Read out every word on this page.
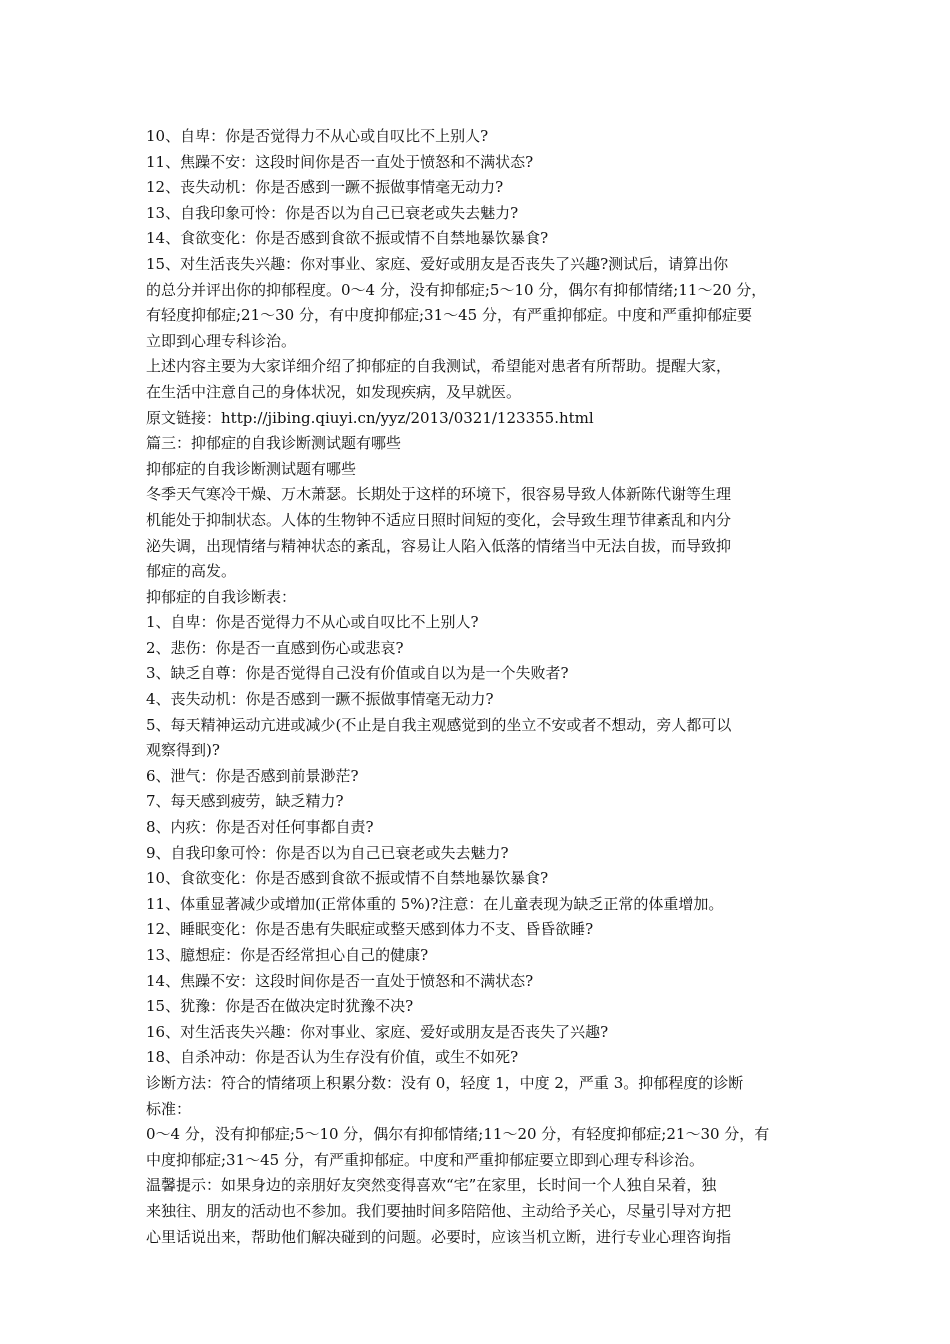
10、自卑：你是否觉得力不从心或自叹比不上别人?
11、焦躁不安：这段时间你是否一直处于愤怒和不满状态?
12、丧失动机：你是否感到一蹶不振做事情毫无动力?
13、自我印象可怜：你是否以为自己已衰老或失去魅力?
14、食欲变化：你是否感到食欲不振或情不自禁地暴饮暴食?
15、对生活丧失兴趣：你对事业、家庭、爱好或朋友是否丧失了兴趣?测试后，请算出你
的总分并评出你的抑郁程度。0～4 分，没有抑郁症;5～10 分，偶尔有抑郁情绪;11～20 分，
有轻度抑郁症;21～30 分，有中度抑郁症;31～45 分，有严重抑郁症。中度和严重抑郁症要
立即到心理专科诊治。
上述内容主要为大家详细介绍了抑郁症的自我测试，希望能对患者有所帮助。提醒大家，
在生活中注意自己的身体状况，如发现疾病，及早就医。
原文链接：http://jibing.qiuyi.cn/yyz/2013/0321/123355.html
篇三：抑郁症的自我诊断测试题有哪些
抑郁症的自我诊断测试题有哪些
冬季天气寒冷干燥、万木萧瑟。长期处于这样的环境下，很容易导致人体新陈代谢等生理
机能处于抑制状态。人体的生物钟不适应日照时间短的变化，会导致生理节律紊乱和内分
泌失调，出现情绪与精神状态的紊乱，容易让人陷入低落的情绪当中无法自拔，而导致抑
郁症的高发。
抑郁症的自我诊断表：
1、自卑：你是否觉得力不从心或自叹比不上别人?
2、悲伤：你是否一直感到伤心或悲哀?
3、缺乏自尊：你是否觉得自己没有价值或自以为是一个失败者?
4、丧失动机：你是否感到一蹶不振做事情毫无动力?
5、每天精神运动亢进或减少(不止是自我主观感觉到的坐立不安或者不想动，旁人都可以
观察得到)?
6、泄气：你是否感到前景渺茫?
7、每天感到疲劳，缺乏精力?
8、内疚：你是否对任何事都自责?
9、自我印象可怜：你是否以为自己已衰老或失去魅力?
10、食欲变化：你是否感到食欲不振或情不自禁地暴饮暴食?
11、体重显著减少或增加(正常体重的 5%)?注意：在儿童表现为缺乏正常的体重增加。
12、睡眠变化：你是否患有失眠症或整天感到体力不支、昏昏欲睡?
13、臆想症：你是否经常担心自己的健康?
14、焦躁不安：这段时间你是否一直处于愤怒和不满状态?
15、犹豫：你是否在做决定时犹豫不决?
16、对生活丧失兴趣：你对事业、家庭、爱好或朋友是否丧失了兴趣?
18、自杀冲动：你是否认为生存没有价值，或生不如死?
诊断方法：符合的情绪项上积累分数：没有 0，轻度 1，中度 2，严重 3。抑郁程度的诊断
标准：
0～4 分，没有抑郁症;5～10 分，偶尔有抑郁情绪;11～20 分，有轻度抑郁症;21～30 分，有
中度抑郁症;31～45 分，有严重抑郁症。中度和严重抑郁症要立即到心理专科诊治。
温馨提示：如果身边的亲朋好友突然变得喜欢“宅”在家里，长时间一个人独自呆着，独
来独往、朋友的活动也不参加。我们要抽时间多陪陪他、主动给予关心，尽量引导对方把
心里话说出来，帮助他们解决碰到的问题。必要时，应该当机立断，进行专业心理咨询指
